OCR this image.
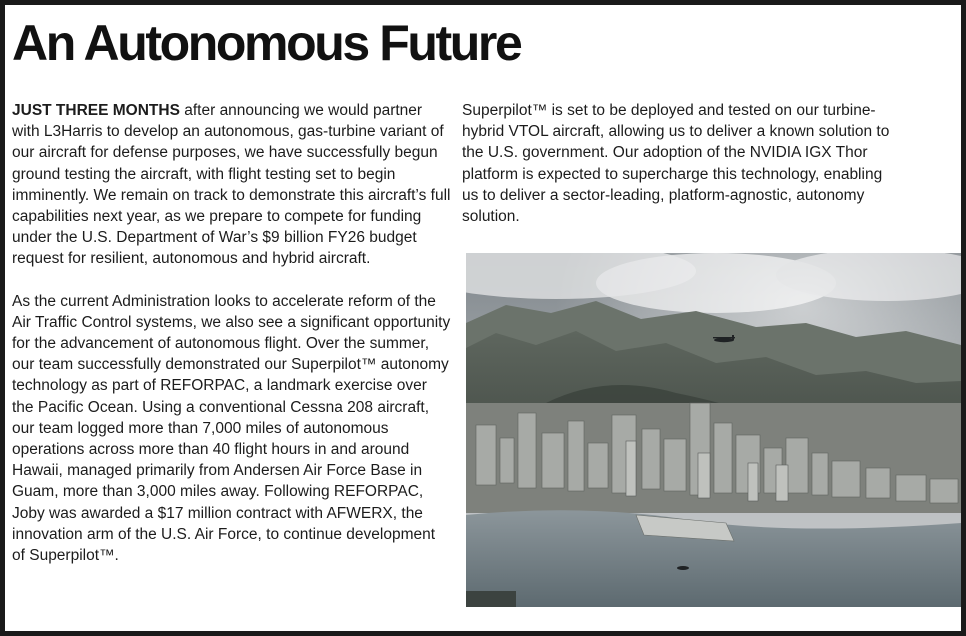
An Autonomous Future

JUST THREE MONTHS after announcing we would partner with L3Harris to develop an autonomous, gas-turbine variant of our aircraft for defense purposes, we have successfully begun ground testing the aircraft, with flight testing set to begin imminently. We remain on track to demonstrate this aircraft’s full capabilities next year, as we prepare to compete for funding under the U.S. Department of War’s $9 billion FY26 budget request for resilient, autonomous and hybrid aircraft.

As the current Administration looks to accelerate reform of the Air Traffic Control systems, we also see a significant opportunity for the advancement of autonomous flight. Over the summer, our team successfully demonstrated our Superpilot™ autonomy technology as part of REFORPAC, a landmark exercise over the Pacific Ocean. Using a conventional Cessna 208 aircraft, our team logged more than 7,000 miles of autonomous operations across more than 40 flight hours in and around Hawaii, managed primarily from Andersen Air Force Base in Guam, more than 3,000 miles away. Following REFORPAC, Joby was awarded a $17 million contract with AFWERX, the innovation arm of the U.S. Air Force, to continue development of Superpilot™.

Superpilot™ is set to be deployed and tested on our turbine-hybrid VTOL aircraft, allowing us to deliver a known solution to the U.S. government. Our adoption of the NVIDIA IGX Thor platform is expected to supercharge this technology, enabling us to deliver a sector-leading, platform-agnostic, autonomy solution.
